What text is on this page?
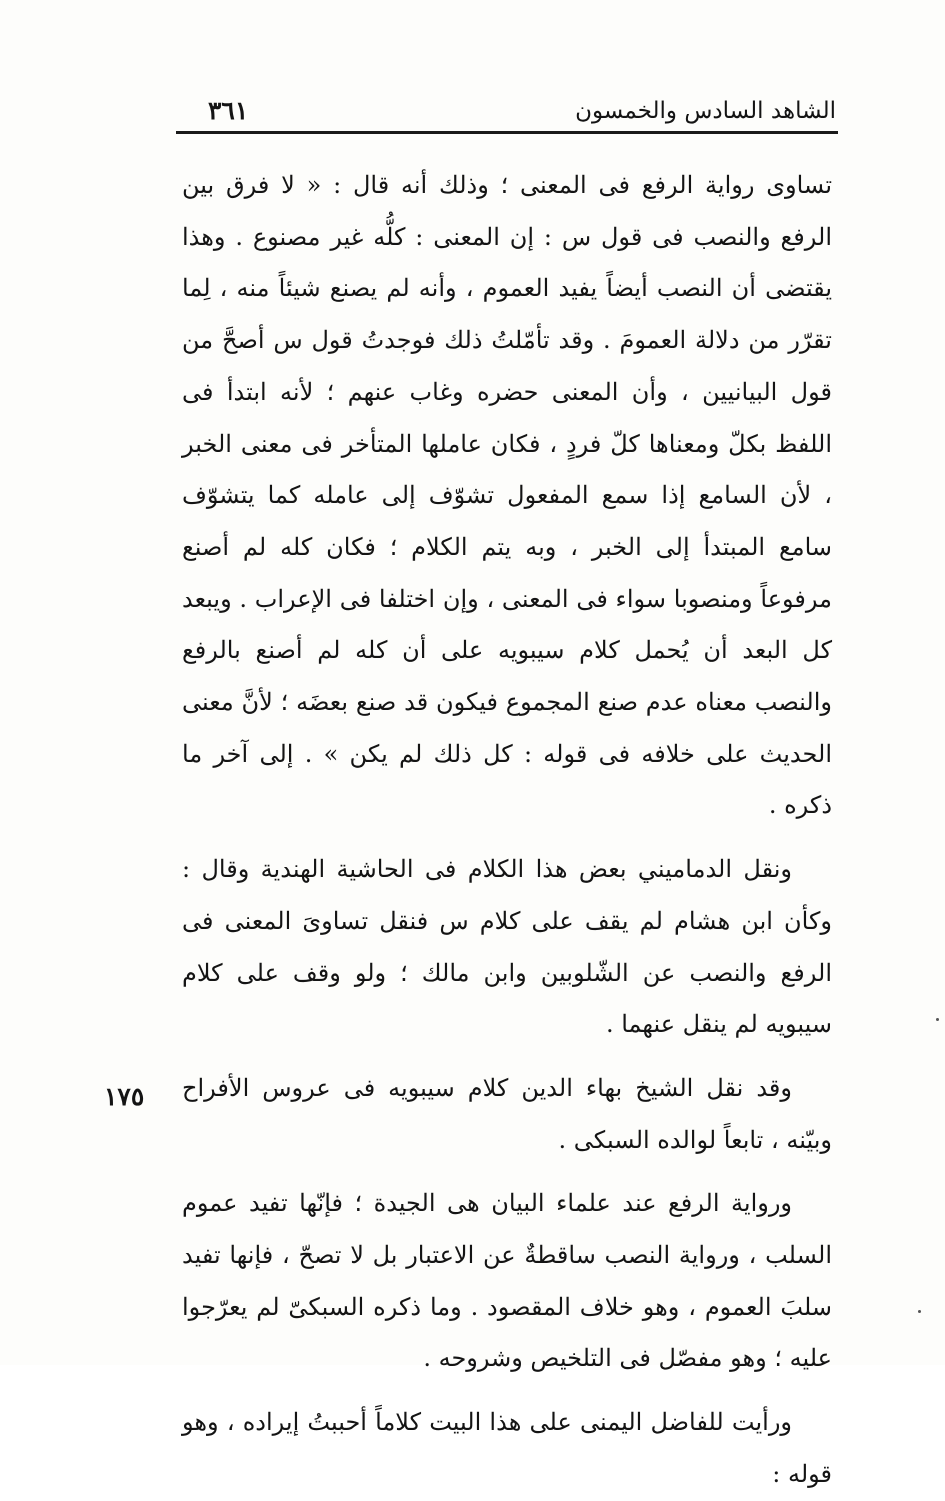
الشاهد السادس والخمسون
٣٦١
١٧٥

تساوى رواية الرفع فى المعنى ؛ وذلك أنه قال : « لا فرق بين الرفع والنصب فى قول س : إن المعنى : كلُّه غير مصنوع . وهذا يقتضى أن النصب أيضاً يفيد العموم ، وأنه لم يصنع شيئاً منه ، لِما تقرّر من دلالة العمومَ . وقد تأمّلتُ ذلك فوجدتُ قول س أصحَّ من قول البيانيين ، وأن المعنى حضره وغاب عنهم ؛ لأنه ابتدأ فى اللفظ بكلّ ومعناها كلّ فردٍ ، فكان عاملها المتأخر فى معنى الخبر ، لأن السامع إذا سمع المفعول تشوّف إلى عامله كما يتشوّف سامع المبتدأ إلى الخبر ، وبه يتم الكلام ؛ فكان كله لم أصنع مرفوعاً ومنصوبا سواء فى المعنى ، وإن اختلفا فى الإعراب . ويبعد كل البعد أن يُحمل كلام سيبويه على أن كله لم أصنع بالرفع والنصب معناه عدم صنع المجموع فيكون قد صنع بعضَه ؛ لأنَّ معنى الحديث على خلافه فى قوله : كل ذلك لم يكن » . إلى آخر ما ذكره .

ونقل الدماميني بعض هذا الكلام فى الحاشية الهندية وقال : وكأن ابن هشام لم يقف على كلام س فنقل تساوىَ المعنى فى الرفع والنصب عن الشّلوبين وابن مالك ؛ ولو وقف على كلام سيبويه لم ينقل عنهما .

وقد نقل الشيخ بهاء الدين كلام سيبويه فى عروس الأفراح وبيّنه ، تابعاً لوالده السبكى .

ورواية الرفع عند علماء البيان هى الجيدة ؛ فإنّها تفيد عموم السلب ، ورواية النصب ساقطةٌ عن الاعتبار بل لا تصحّ ، فإنها تفيد سلبَ العموم ، وهو خلاف المقصود . وما ذكره السبكىّ لم يعرّجوا عليه ؛ وهو مفصّل فى التلخيص وشروحه .

ورأيت للفاضل اليمنى على هذا البيت كلاماً أحببتُ إيراده ، وهو قوله :
